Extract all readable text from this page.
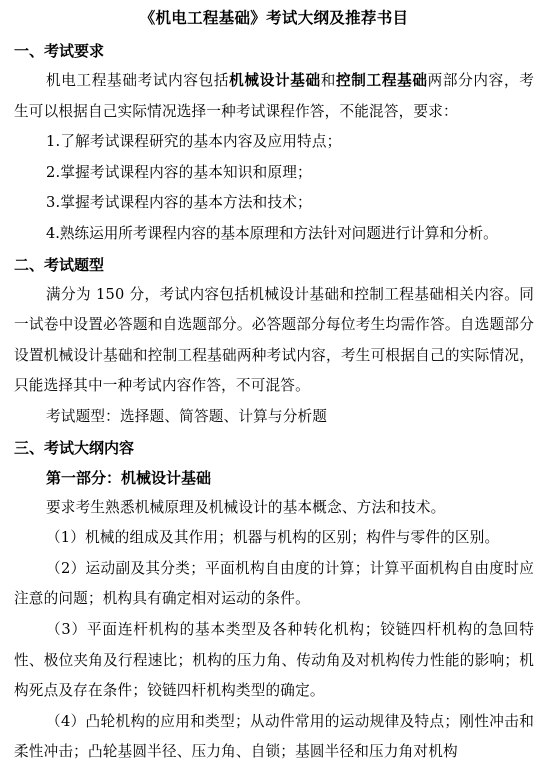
《机电工程基础》考试大纲及推荐书目
一、考试要求
机电工程基础考试内容包括机械设计基础和控制工程基础两部分内容，考生可以根据自己实际情况选择一种考试课程作答，不能混答，要求：
1.了解考试课程研究的基本内容及应用特点；
2.掌握考试课程内容的基本知识和原理；
3.掌握考试课程内容的基本方法和技术；
4.熟练运用所考课程内容的基本原理和方法针对问题进行计算和分析。
二、考试题型
满分为 150 分，考试内容包括机械设计基础和控制工程基础相关内容。同一试卷中设置必答题和自选题部分。必答题部分每位考生均需作答。自选题部分设置机械设计基础和控制工程基础两种考试内容，考生可根据自己的实际情况，只能选择其中一种考试内容作答，不可混答。
考试题型：选择题、简答题、计算与分析题
三、考试大纲内容
第一部分：机械设计基础
要求考生熟悉机械原理及机械设计的基本概念、方法和技术。
（1）机械的组成及其作用；机器与机构的区别；构件与零件的区别。
（2）运动副及其分类；平面机构自由度的计算；计算平面机构自由度时应注意的问题；机构具有确定相对运动的条件。
（3）平面连杆机构的基本类型及各种转化机构；铰链四杆机构的急回特性、极位夹角及行程速比；机构的压力角、传动角及对机构传力性能的影响；机构死点及存在条件；铰链四杆机构类型的确定。
（4）凸轮机构的应用和类型；从动件常用的运动规律及特点；刚性冲击和柔性冲击；凸轮基圆半径、压力角、自锁；基圆半径和压力角对机构
